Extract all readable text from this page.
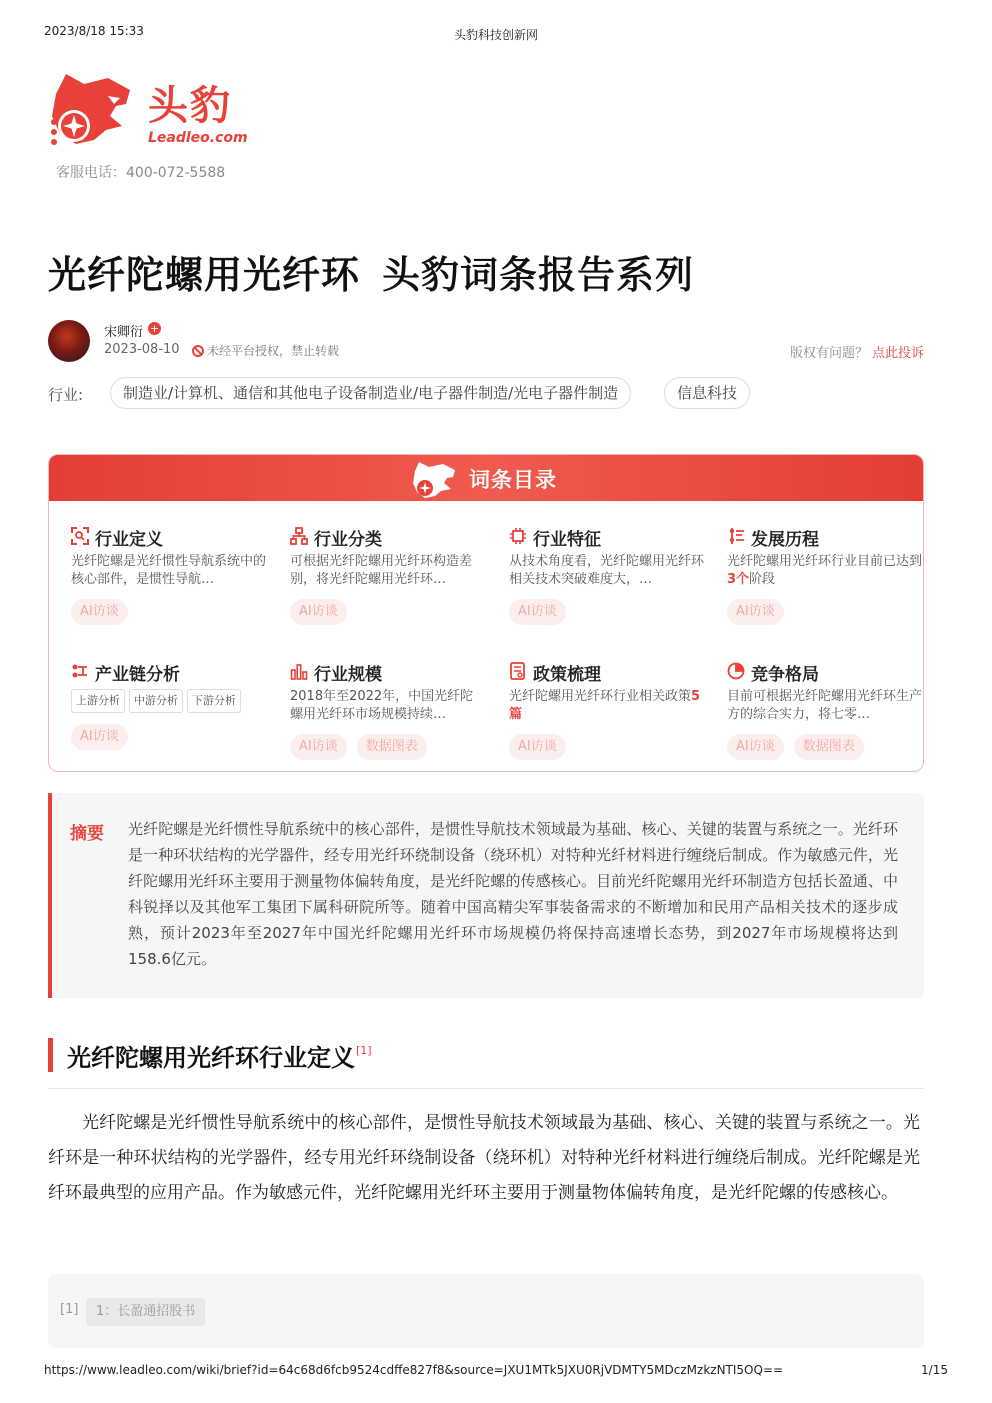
2023/8/18 15:33	头豹科技创新网
头豹
Leadleo.com
客服电话：400-072-5588
光纤陀螺用光纤环 头豹词条报告系列
宋卿衍 +
2023-08-10	未经平台授权，禁止转载	版权有问题？ 点此投诉
行业:	制造业/计算机、通信和其他电子设备制造业/电子器件制造/光电子器件制造	信息科技
词条目录
行业定义
光纤陀螺是光纤惯性导航系统中的核心部件，是惯性导航…
AI访谈
行业分类
可根据光纤陀螺用光纤环构造差别，将光纤陀螺用光纤环…
AI访谈
行业特征
从技术角度看，光纤陀螺用光纤环相关技术突破难度大，…
AI访谈
发展历程
光纤陀螺用光纤环行业目前已达到3个阶段
AI访谈
产业链分析
上游分析 中游分析 下游分析
AI访谈
行业规模
2018年至2022年，中国光纤陀螺用光纤环市场规模持续…
AI访谈 数据图表
政策梳理
光纤陀螺用光纤环行业相关政策5篇
AI访谈
竞争格局
目前可根据光纤陀螺用光纤环生产方的综合实力，将七零…
AI访谈 数据图表
摘要 光纤陀螺是光纤惯性导航系统中的核心部件，是惯性导航技术领域最为基础、核心、关键的装置与系统之一。光纤环是一种环状结构的光学器件，经专用光纤环绕制设备（绕环机）对特种光纤材料进行缠绕后制成。作为敏感元件，光纤陀螺用光纤环主要用于测量物体偏转角度，是光纤陀螺的传感核心。目前光纤陀螺用光纤环制造方包括长盈通、中科锐择以及其他军工集团下属科研院所等。随着中国高精尖军事装备需求的不断增加和民用产品相关技术的逐步成熟，预计2023年至2027年中国光纤陀螺用光纤环市场规模仍将保持高速增长态势，到2027年市场规模将达到158.6亿元。

光纤陀螺用光纤环行业定义[1]

光纤陀螺是光纤惯性导航系统中的核心部件，是惯性导航技术领域最为基础、核心、关键的装置与系统之一。光纤环是一种环状结构的光学器件，经专用光纤环绕制设备（绕环机）对特种光纤材料进行缠绕后制成。光纤陀螺是光纤环最典型的应用产品。作为敏感元件，光纤陀螺用光纤环主要用于测量物体偏转角度，是光纤陀螺的传感核心。

[1]	1：长盈通招股书
https://www.leadleo.com/wiki/brief?id=64c68d6fcb9524cdffe827f8&source=JXU1MTk5JXU0RjVDMTY5MDczMzkzNTI5OQ==	1/15
